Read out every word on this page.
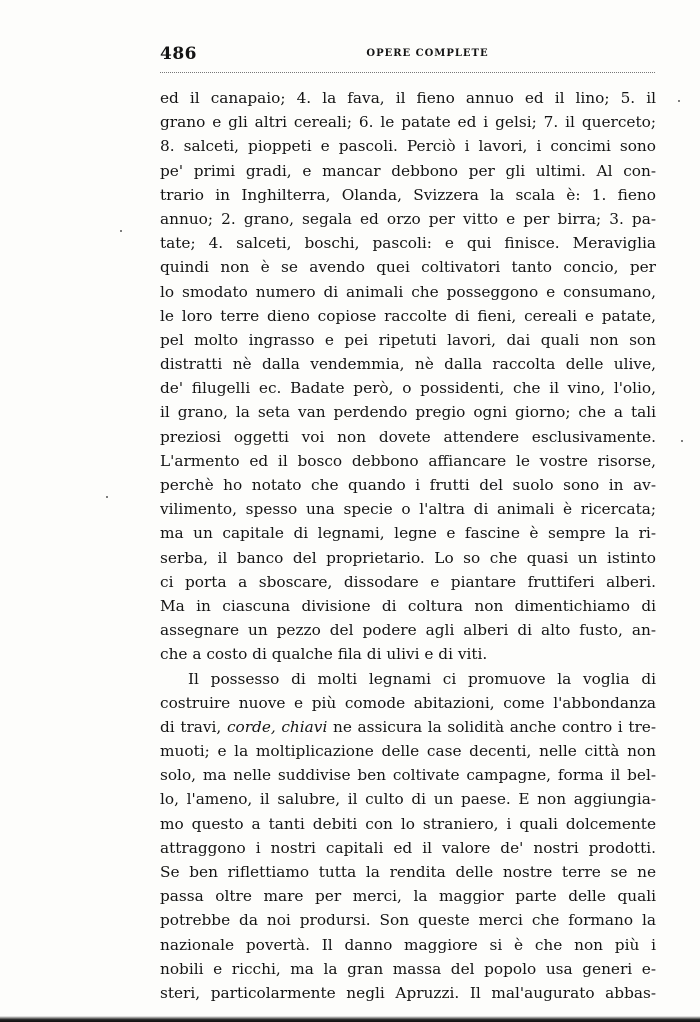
486	OPERE COMPLETE
ed il canapaio; 4. la fava, il fieno annuo ed il lino; 5. il
grano e gli altri cereali; 6. le patate ed i gelsi; 7. il querceto;
8. salceti, pioppeti e pascoli. Perciò i lavori, i concimi sono
pe' primi gradi, e mancar debbono per gli ultimi. Al con-
trario in Inghilterra, Olanda, Svizzera la scala è: 1. fieno
annuo; 2. grano, segala ed orzo per vitto e per birra; 3. pa-
tate; 4. salceti, boschi, pascoli: e qui finisce. Meraviglia
quindi non è se avendo quei coltivatori tanto concio, per
lo smodato numero di animali che posseggono e consumano,
le loro terre dieno copiose raccolte di fieni, cereali e patate,
pel molto ingrasso e pei ripetuti lavori, dai quali non son
distratti nè dalla vendemmia, nè dalla raccolta delle ulive,
de' filugelli ec. Badate però, o possidenti, che il vino, l'olio,
il grano, la seta van perdendo pregio ogni giorno; che a tali
preziosi oggetti voi non dovete attendere esclusivamente.
L'armento ed il bosco debbono affiancare le vostre risorse,
perchè ho notato che quando i frutti del suolo sono in av-
vilimento, spesso una specie o l'altra di animali è ricercata;
ma un capitale di legnami, legne e fascine è sempre la ri-
serba, il banco del proprietario. Lo so che quasi un istinto
ci porta a sboscare, dissodare e piantare fruttiferi alberi.
Ma in ciascuna divisione di coltura non dimentichiamo di
assegnare un pezzo del podere agli alberi di alto fusto, an-
che a costo di qualche fila di ulivi e di viti.
Il possesso di molti legnami ci promuove la voglia di
costruire nuove e più comode abitazioni, come l'abbondanza
di travi, corde, chiavi ne assicura la solidità anche contro i tre-
muoti; e la moltiplicazione delle case decenti, nelle città non
solo, ma nelle suddivise ben coltivate campagne, forma il bel-
lo, l'ameno, il salubre, il culto di un paese. E non aggiungia-
mo questo a tanti debiti con lo straniero, i quali dolcemente
attraggono i nostri capitali ed il valore de' nostri prodotti.
Se ben riflettiamo tutta la rendita delle nostre terre se ne
passa oltre mare per merci, la maggior parte delle quali
potrebbe da noi prodursi. Son queste merci che formano la
nazionale povertà. Il danno maggiore si è che non più i
nobili e ricchi, ma la gran massa del popolo usa generi e-
steri, particolarmente negli Apruzzi. Il mal'augurato abbas-
